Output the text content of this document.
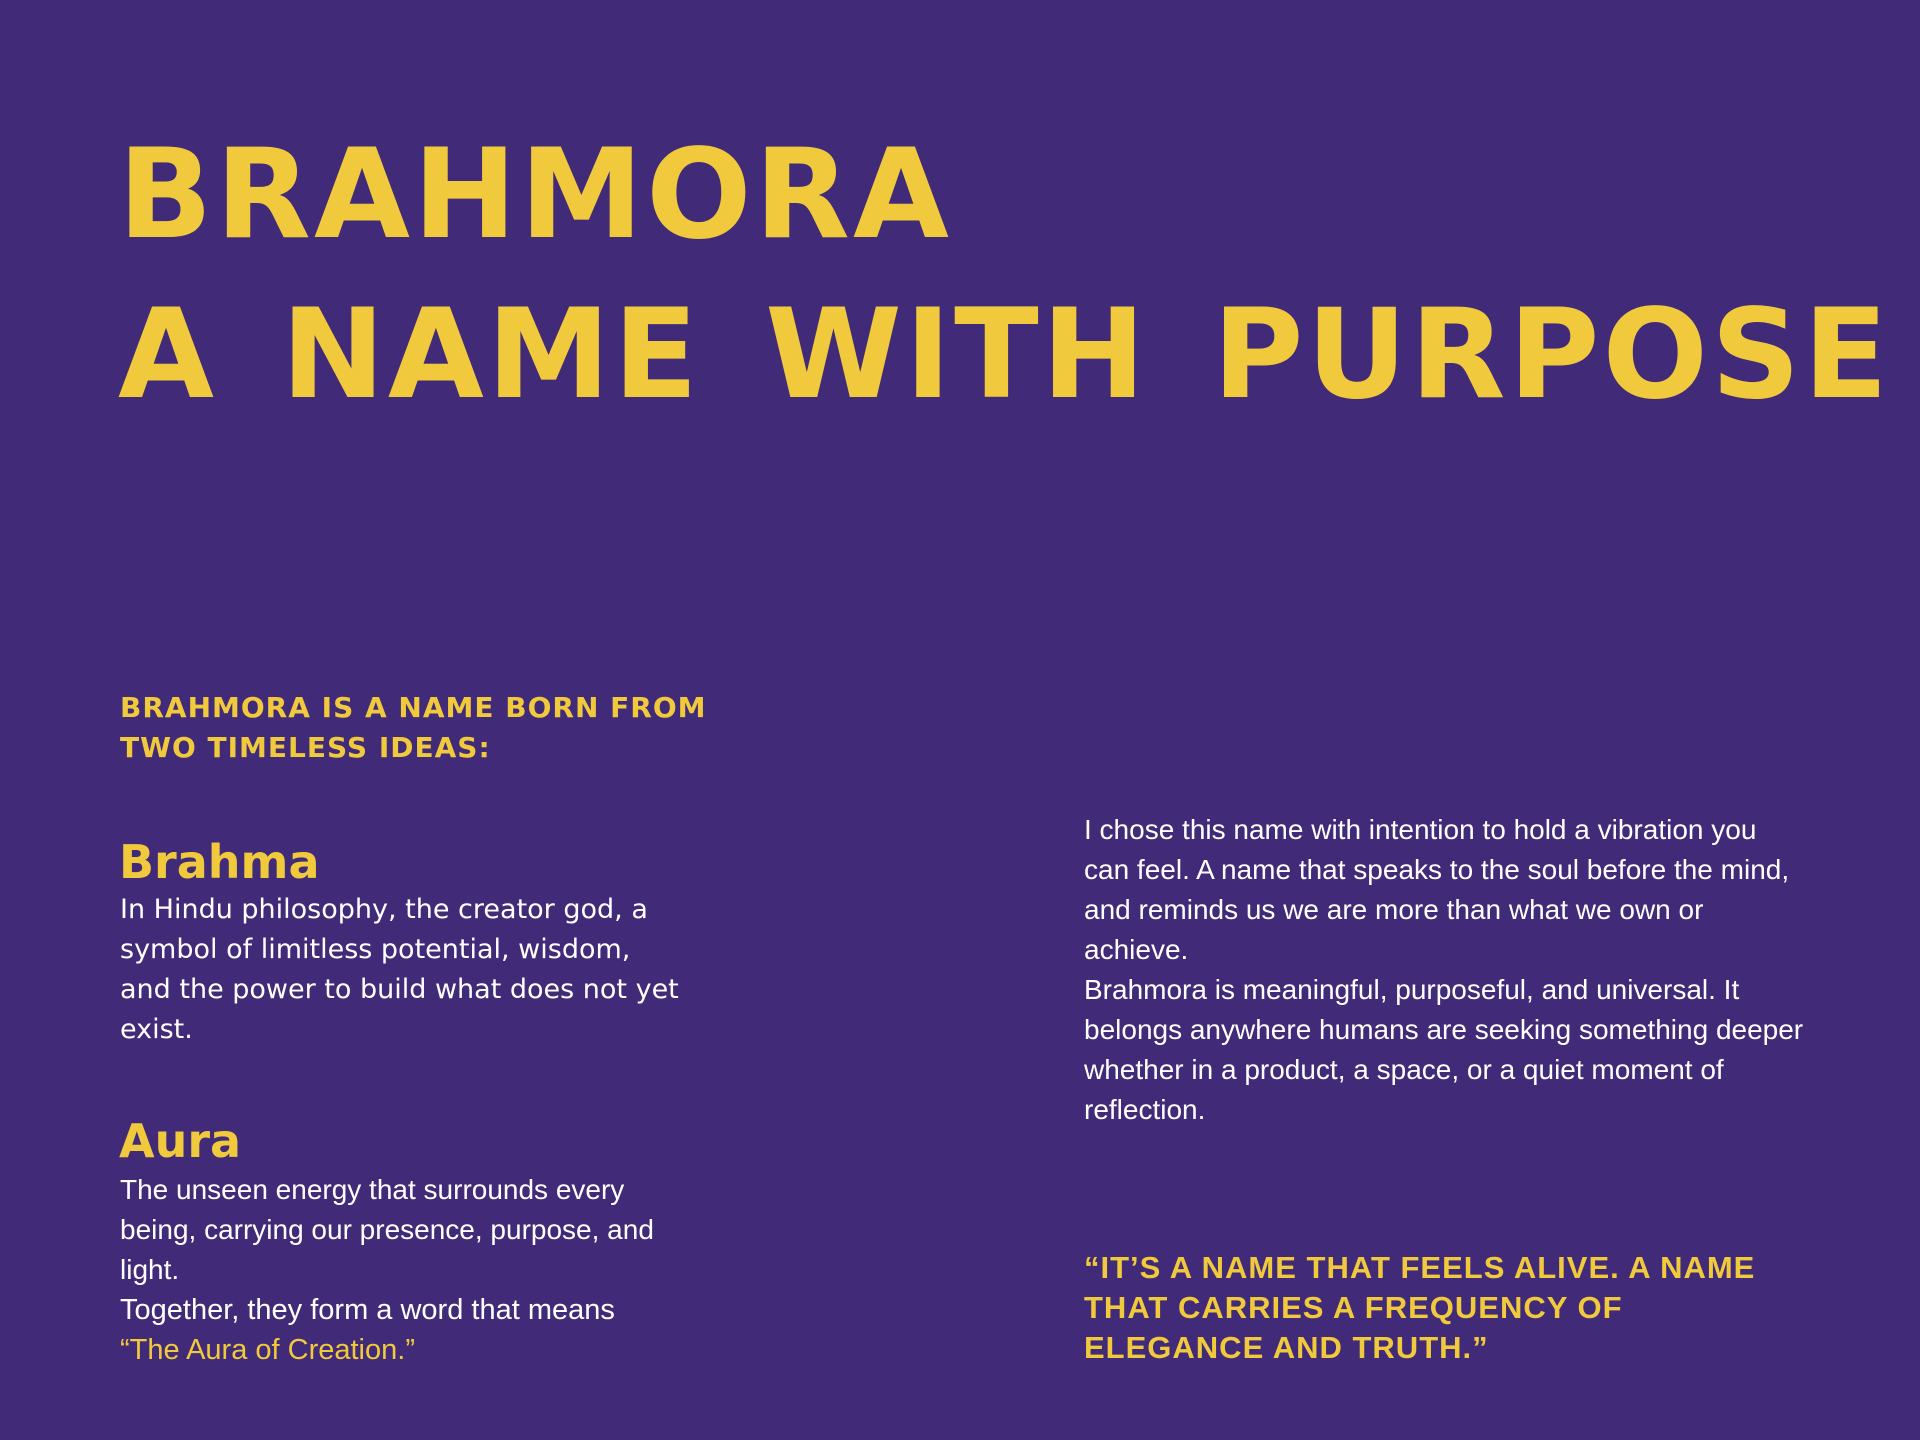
BRAHMORA
A NAME WITH PURPOSE

BRAHMORA IS A NAME BORN FROM TWO TIMELESS IDEAS:

Brahma

In Hindu philosophy, the creator god, a symbol of limitless potential, wisdom, and the power to build what does not yet exist.

Aura

The unseen energy that surrounds every being, carrying our presence, purpose, and light.

Together, they form a word that means
“The Aura of Creation.”

I chose this name with intention to hold a vibration you can feel. A name that speaks to the soul before the mind, and reminds us we are more than what we own or achieve.

Brahmora is meaningful, purposeful, and universal. It belongs anywhere humans are seeking something deeper whether in a product, a space, or a quiet moment of reflection.

“IT’S A NAME THAT FEELS ALIVE. A NAME THAT CARRIES A FREQUENCY OF ELEGANCE AND TRUTH.”
